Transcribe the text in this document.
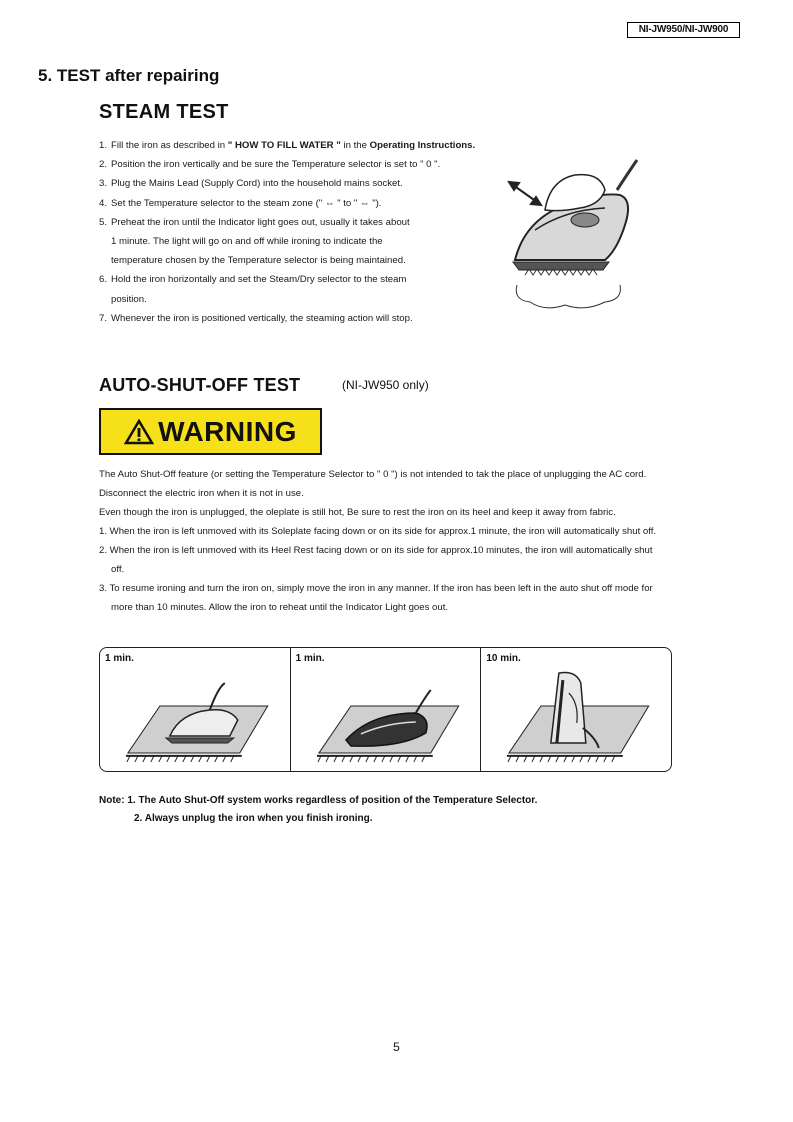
NI-JW950/NI-JW900
5. TEST after repairing
STEAM TEST
1. Fill the iron as described in " HOW TO FILL WATER " in the Operating Instructions.
2. Position the iron vertically and be sure the Temperature selector is set to " 0 ".
3. Plug the Mains Lead (Supply Cord) into the household mains socket.
4. Set the Temperature selector to the steam zone (" ⇔ " to " ⇔ ").
5. Preheat the iron until the Indicator light goes out, usually it takes about
1 minute. The light will go on and off while ironing to indicate the
temperature chosen by the Temperature selector is being maintained.
6. Hold the iron horizontally and set the Steam/Dry selector to the steam
position.
7. Whenever the iron is positioned vertically, the steaming action will stop.
AUTO-SHUT-OFF TEST	(NI-JW950 only)
WARNING

The Auto Shut-Off feature (or setting the Temperature Selector to " 0 ") is not intended to tak the place of unplugging the AC cord. Disconnect the electric iron when it is not in use.

Even though the iron is unplugged, the oleplate is still hot, Be sure to rest the iron on its heel and keep it away from fabric.

1. When the iron is left unmoved with its Soleplate facing down or on its side for approx.1 minute, the iron will automatically shut off.

2. When the iron is left unmoved with its Heel Rest facing down or on its side for approx.10 minutes, the iron will automatically shut off.

3. To resume ironing and turn the iron on, simply move the iron in any manner. If the iron has been left in the auto shut off mode for more than 10 minutes. Allow the iron to reheat until the Indicator Light goes out.

1 min.	1 min.	10 min.
Note: 1. The Auto Shut-Off system works regardless of position of the Temperature Selector.
2. Always unplug the iron when you finish ironing.
5
